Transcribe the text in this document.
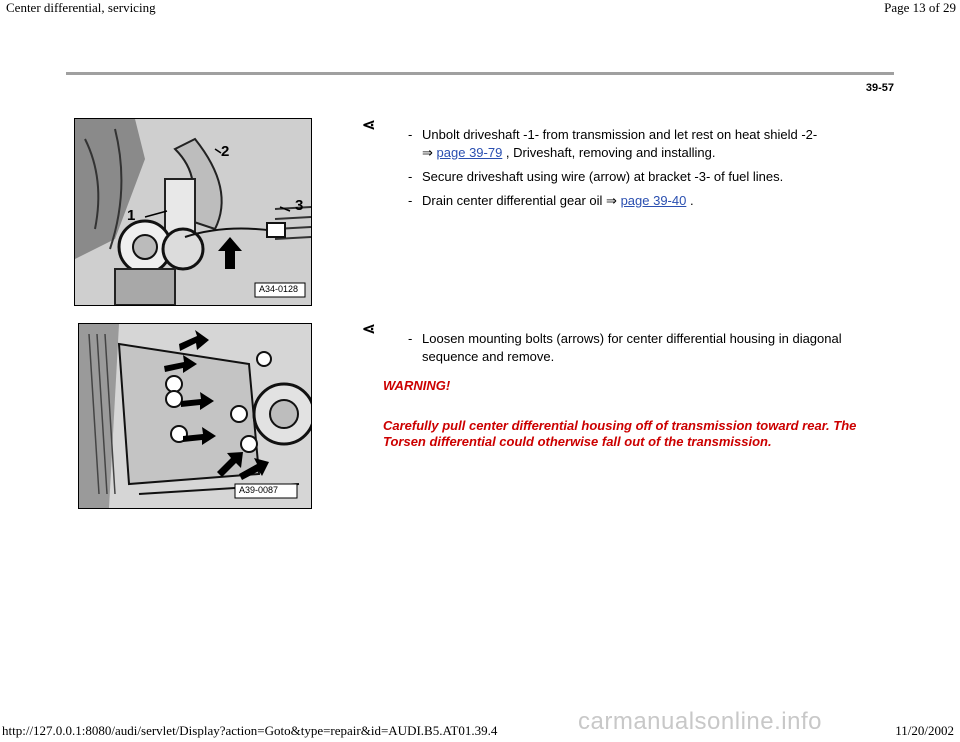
Center differential, servicing	Page 13 of 29
39-57
1
2
3
A34-0128
⋖
- Unbolt driveshaft -1- from transmission and let rest on heat shield -2-
⇒ page 39-79 , Driveshaft, removing and installing.
- Secure driveshaft using wire (arrow) at bracket -3- of fuel lines.
- Drain center differential gear oil ⇒ page 39-40 .
A39-0087
⋖
- Loosen mounting bolts (arrows) for center differential housing in diagonal sequence and remove.
WARNING!
Carefully pull center differential housing off of transmission toward rear. The Torsen differential could otherwise fall out of the transmission.
carmanualsonline.info
http://127.0.0.1:8080/audi/servlet/Display?action=Goto&type=repair&id=AUDI.B5.AT01.39.4	11/20/2002
